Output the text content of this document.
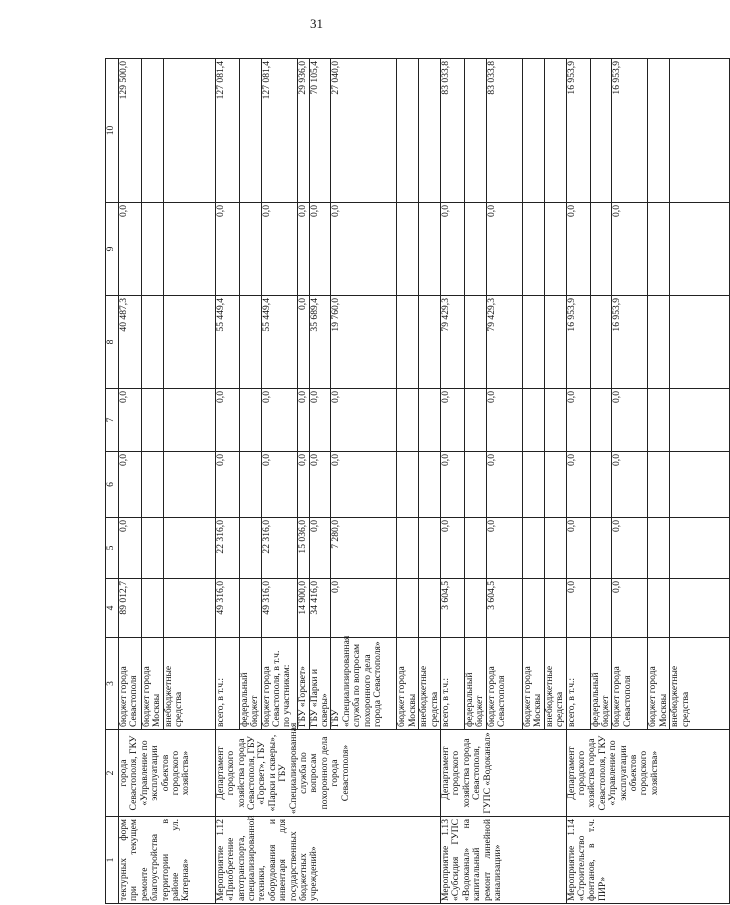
31
1	2	3	4	5	6	7	8	9	10
тектурных форм при текущем ремонте благоустройства территории в районе ул. Катерная»	города Севастополя, ГКУ «Управление по эксплуатации объектов городского хозяйства»	бюджет города Севастополя	89 012,7	0,0	0,0	0,0	40 487,3	0,0	129 500,0
		бюджет города Москвы							
		внебюджетные средства							
Мероприятие 1.12 «Приобретение автотранспорта, специализированной техники, оборудования и инвентаря для государственных бюджетных учреждений»	Департамент городского хозяйства города Севастополя, ГБУ «Горсвет», ГБУ «Парки и скверы», ГБУ «Специализированная служба по вопросам похоронного дела города Севастополя»	всего, в т.ч.:	49 316,0	22 316,0	0,0	0,0	55 449,4	0,0	127 081,4
		федеральный бюджет							
		бюджет города Севастополя, в т.ч. по участникам:	49 316,0	22 316,0	0,0	0,0	55 449,4	0,0	127 081,4
		ГБУ «Горсвет»	14 900,0	15 036,0	0,0	0,0	0,0	0,0	29 936,0
		ГБУ «Парки и скверы»	34 416,0	0,0	0,0	0,0	35 689,4	0,0	70 105,4
		ГБУ «Специализированная служба по вопросам похоронного дела города Севастополя»	0,0	7 280,0	0,0	0,0	19 760,0	0,0	27 040,0
		бюджет города Москвы							
		внебюджетные средства							
Мероприятие 1.13 «Субсидия ГУПС «Водоканал» на капитальный ремонт линейной канализации»	Департамент городского хозяйства города Севастополя, ГУПС «Водоканал»	всего, в т.ч.:	3 604,5	0,0	0,0	0,0	79 429,3	0,0	83 033,8
		федеральный бюджет							
		бюджет города Севастополя	3 604,5	0,0	0,0	0,0	79 429,3	0,0	83 033,8
		бюджет города Москвы							
		внебюджетные средства							
Мероприятие 1.14 «Строительство фонтанов, в т.ч. ПИР»	Департамент городского хозяйства города Севастополя, ГКУ «Управление по эксплуатации объектов городского хозяйства»	всего, в т.ч.:	0,0	0,0	0,0	0,0	16 953,9	0,0	16 953,9
		федеральный бюджет							
		бюджет города Севастополя	0,0	0,0	0,0	0,0	16 953,9	0,0	16 953,9
		бюджет города Москвы							
		внебюджетные средства							
